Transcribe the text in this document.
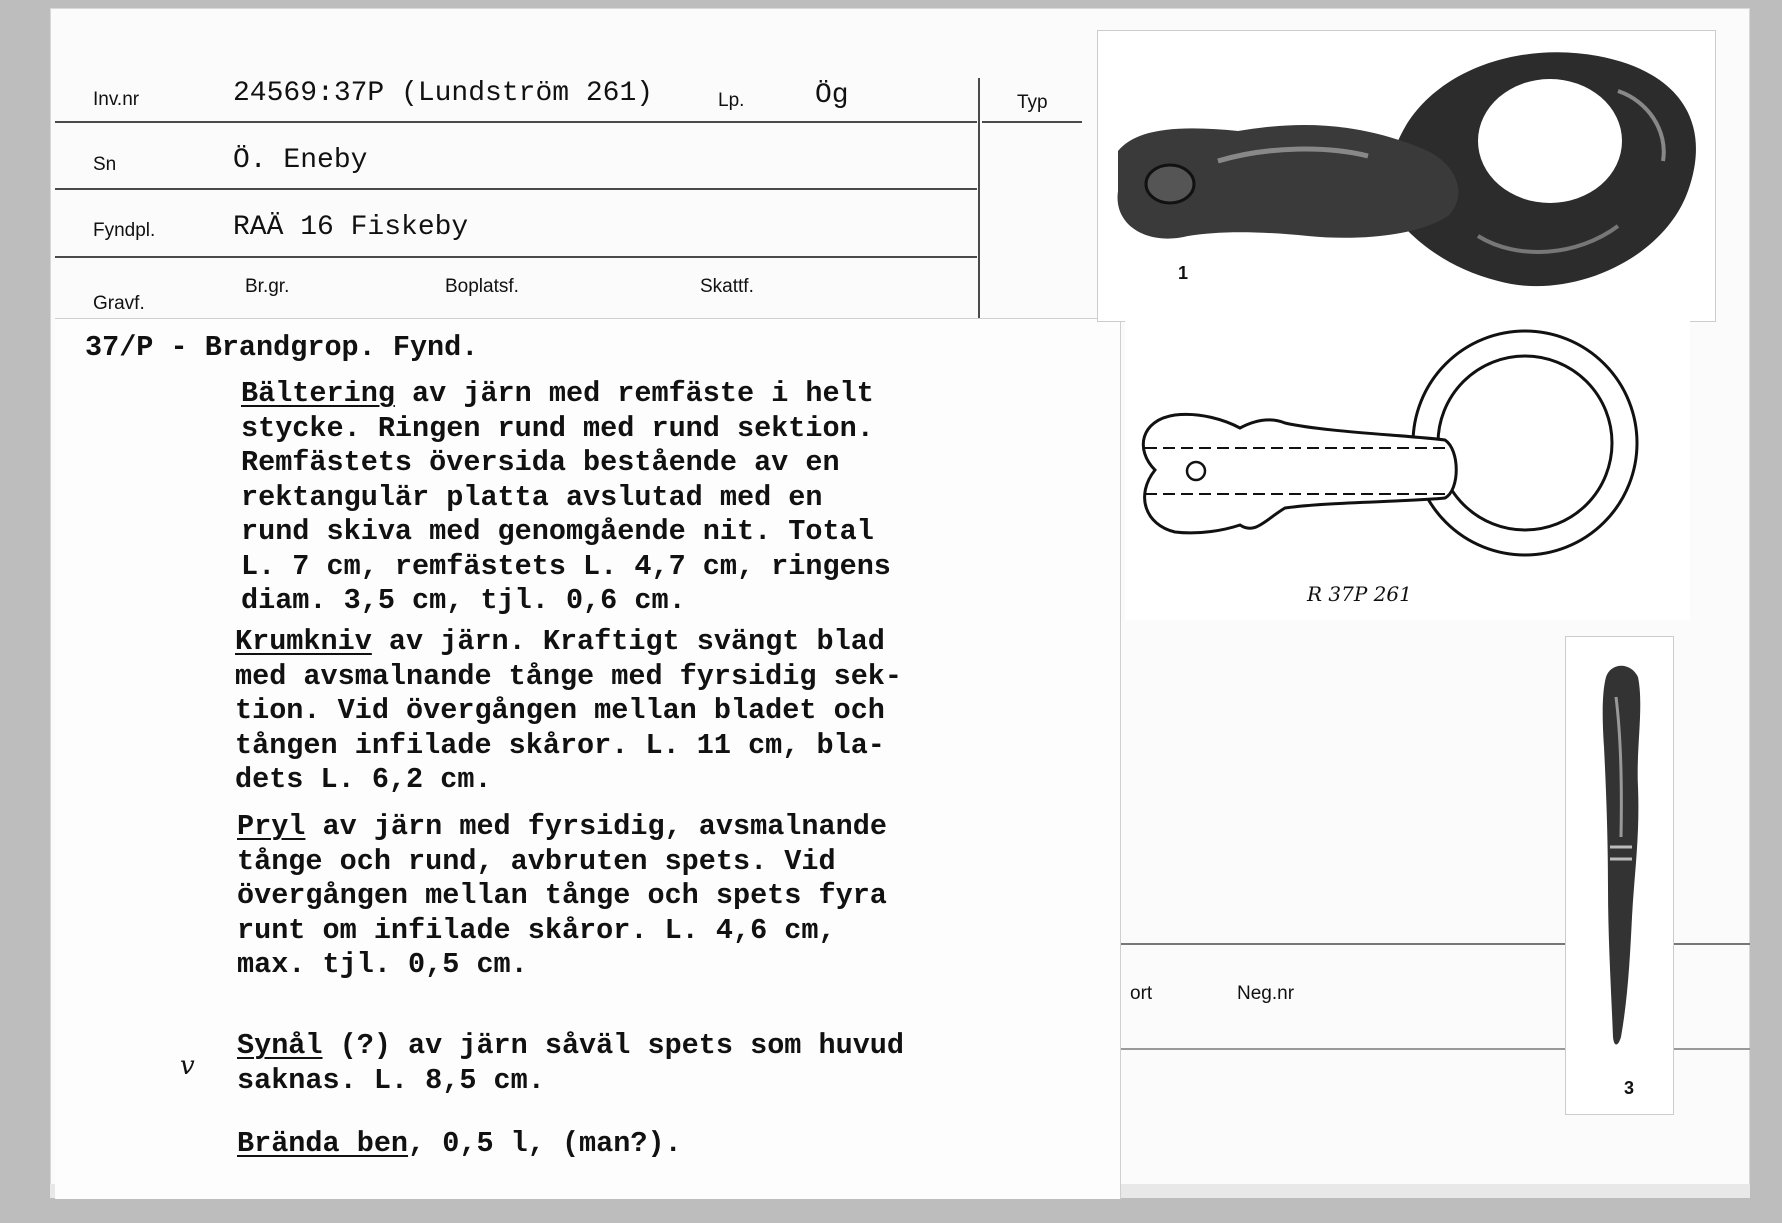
Inv.nr	24569:37P (Lundström 261)	Lp.	Ög	Typ
Sn	Ö. Eneby
Fyndpl.	RAÄ 16 Fiskeby
Gravf.
Br.gr.	Boplatsf.	Skattf.
ort	Neg.nr
37/P - Brandgrop. Fynd.
Bältering av järn med remfäste i helt
stycke. Ringen rund med rund sektion.
Remfästets översida bestående av en
rektangulär platta avslutad med en
rund skiva med genomgående nit. Total
L. 7 cm, remfästets L. 4,7 cm, ringens
diam. 3,5 cm, tjl. 0,6 cm.
Krumkniv av järn. Kraftigt svängt blad
med avsmalnande tånge med fyrsidig sek-
tion. Vid övergången mellan bladet och
tången infilade skåror. L. 11 cm, bla-
dets L. 6,2 cm.
Pryl av järn med fyrsidig, avsmalnande
tånge och rund, avbruten spets. Vid
övergången mellan tånge och spets fyra
runt om infilade skåror. L. 4,6 cm,
max. tjl. 0,5 cm.
v
Synål (?) av järn såväl spets som huvud
saknas. L. 8,5 cm.
Brända ben, 0,5 l, (man?).
1
R 37P 261
3
